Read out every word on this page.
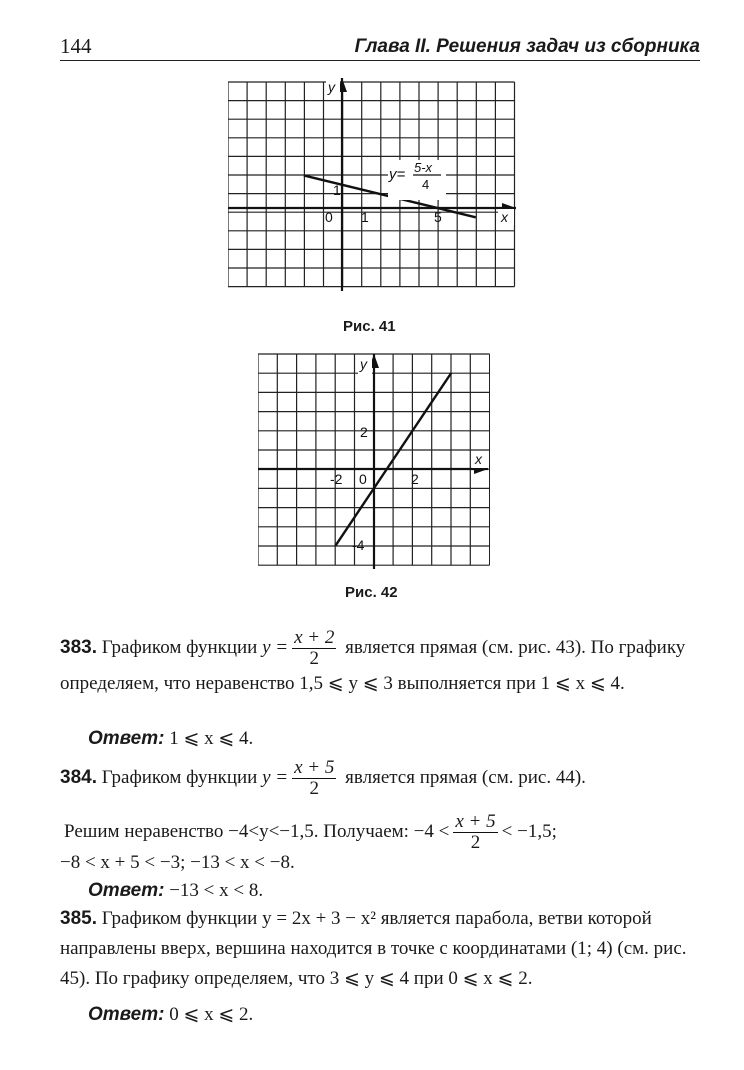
144	Глава II. Решения задач из сборника
y
x
0 1
1
5
y= 5-x
4
Рис. 41
y
x
0
-2	2
2
-4
Рис. 42
383. Графиком функции $y = \frac{x + 2}{2}$ является прямая (см. рис. 43). По графику определяем, что неравенство 1,5 ⩽ y ⩽ 3 выполняется при 1 ⩽ x ⩽ 4.
Ответ: 1 ⩽ x ⩽ 4.
384. Графиком функции $y = \frac{x + 5}{2}$ является прямая (см. рис. 44).
Решим неравенство −4<y<−1,5. Получаем: $-4 < \frac{x + 5}{2} < -1,5$;
−8 < x + 5 < −3; −13 < x < −8.
Ответ: −13 < x < 8.
385. Графиком функции y = 2x + 3 − x² является парабола, ветви которой направлены вверх, вершина находится в точке с координатами (1; 4) (см. рис. 45). По графику определяем, что 3 ⩽ y ⩽ 4 при 0 ⩽ x ⩽ 2.
Ответ: 0 ⩽ x ⩽ 2.
